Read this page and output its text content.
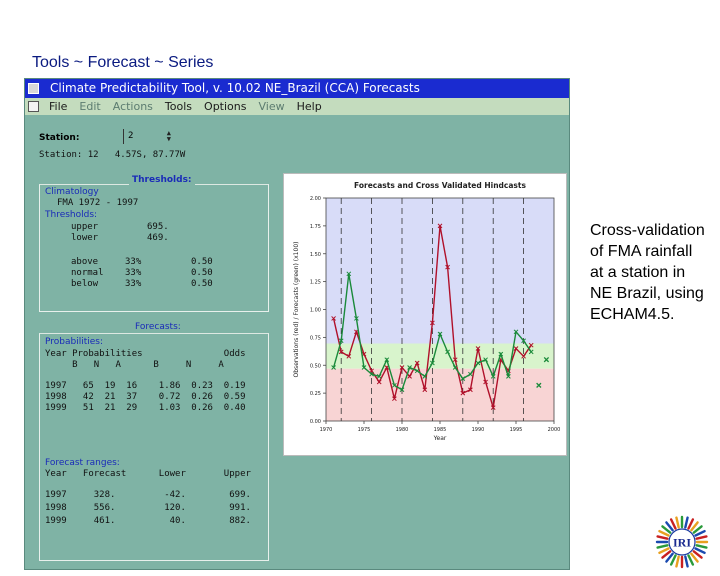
Tools ~ Forecast ~ Series
Climate Predictability Tool, v. 10.02 NE_Brazil (CCA) Forecasts
File Edit Actions Tools Options View Help
Station:	2	▲
▼
Station: 12   4.57S, 87.77W
Thresholds:
Climatology
FMA 1972 - 1997
Thresholds:
upper	695.
lower	469.
above	33%	0.50
normal 33%	0.50
below	33%	0.50
Forecasts:
Probabilities:
Year Probabilities               Odds
B   N   A      B     N     A
1997   65  19  16    1.86  0.23  0.19
1998   42  21  37    0.72  0.26  0.59
1999   51  21  29    1.03  0.26  0.40
Forecast ranges:
Year   Forecast      Lower       Upper
1997     328.         -42.        699.
1998     556.         120.        991.
1999     461.          40.        882.
0.00
0.25
0.50
0.75
1.00
1.25
1.50
1.75
2.00
1970	1975	1980	1985	1990	1995	2000
Forecasts and Cross Validated Hindcasts
Year
Observations (red) / Forecasts (green) (x100)
Cross-validation of FMA rainfall at a station in NE Brazil, using ECHAM4.5.
IRI
